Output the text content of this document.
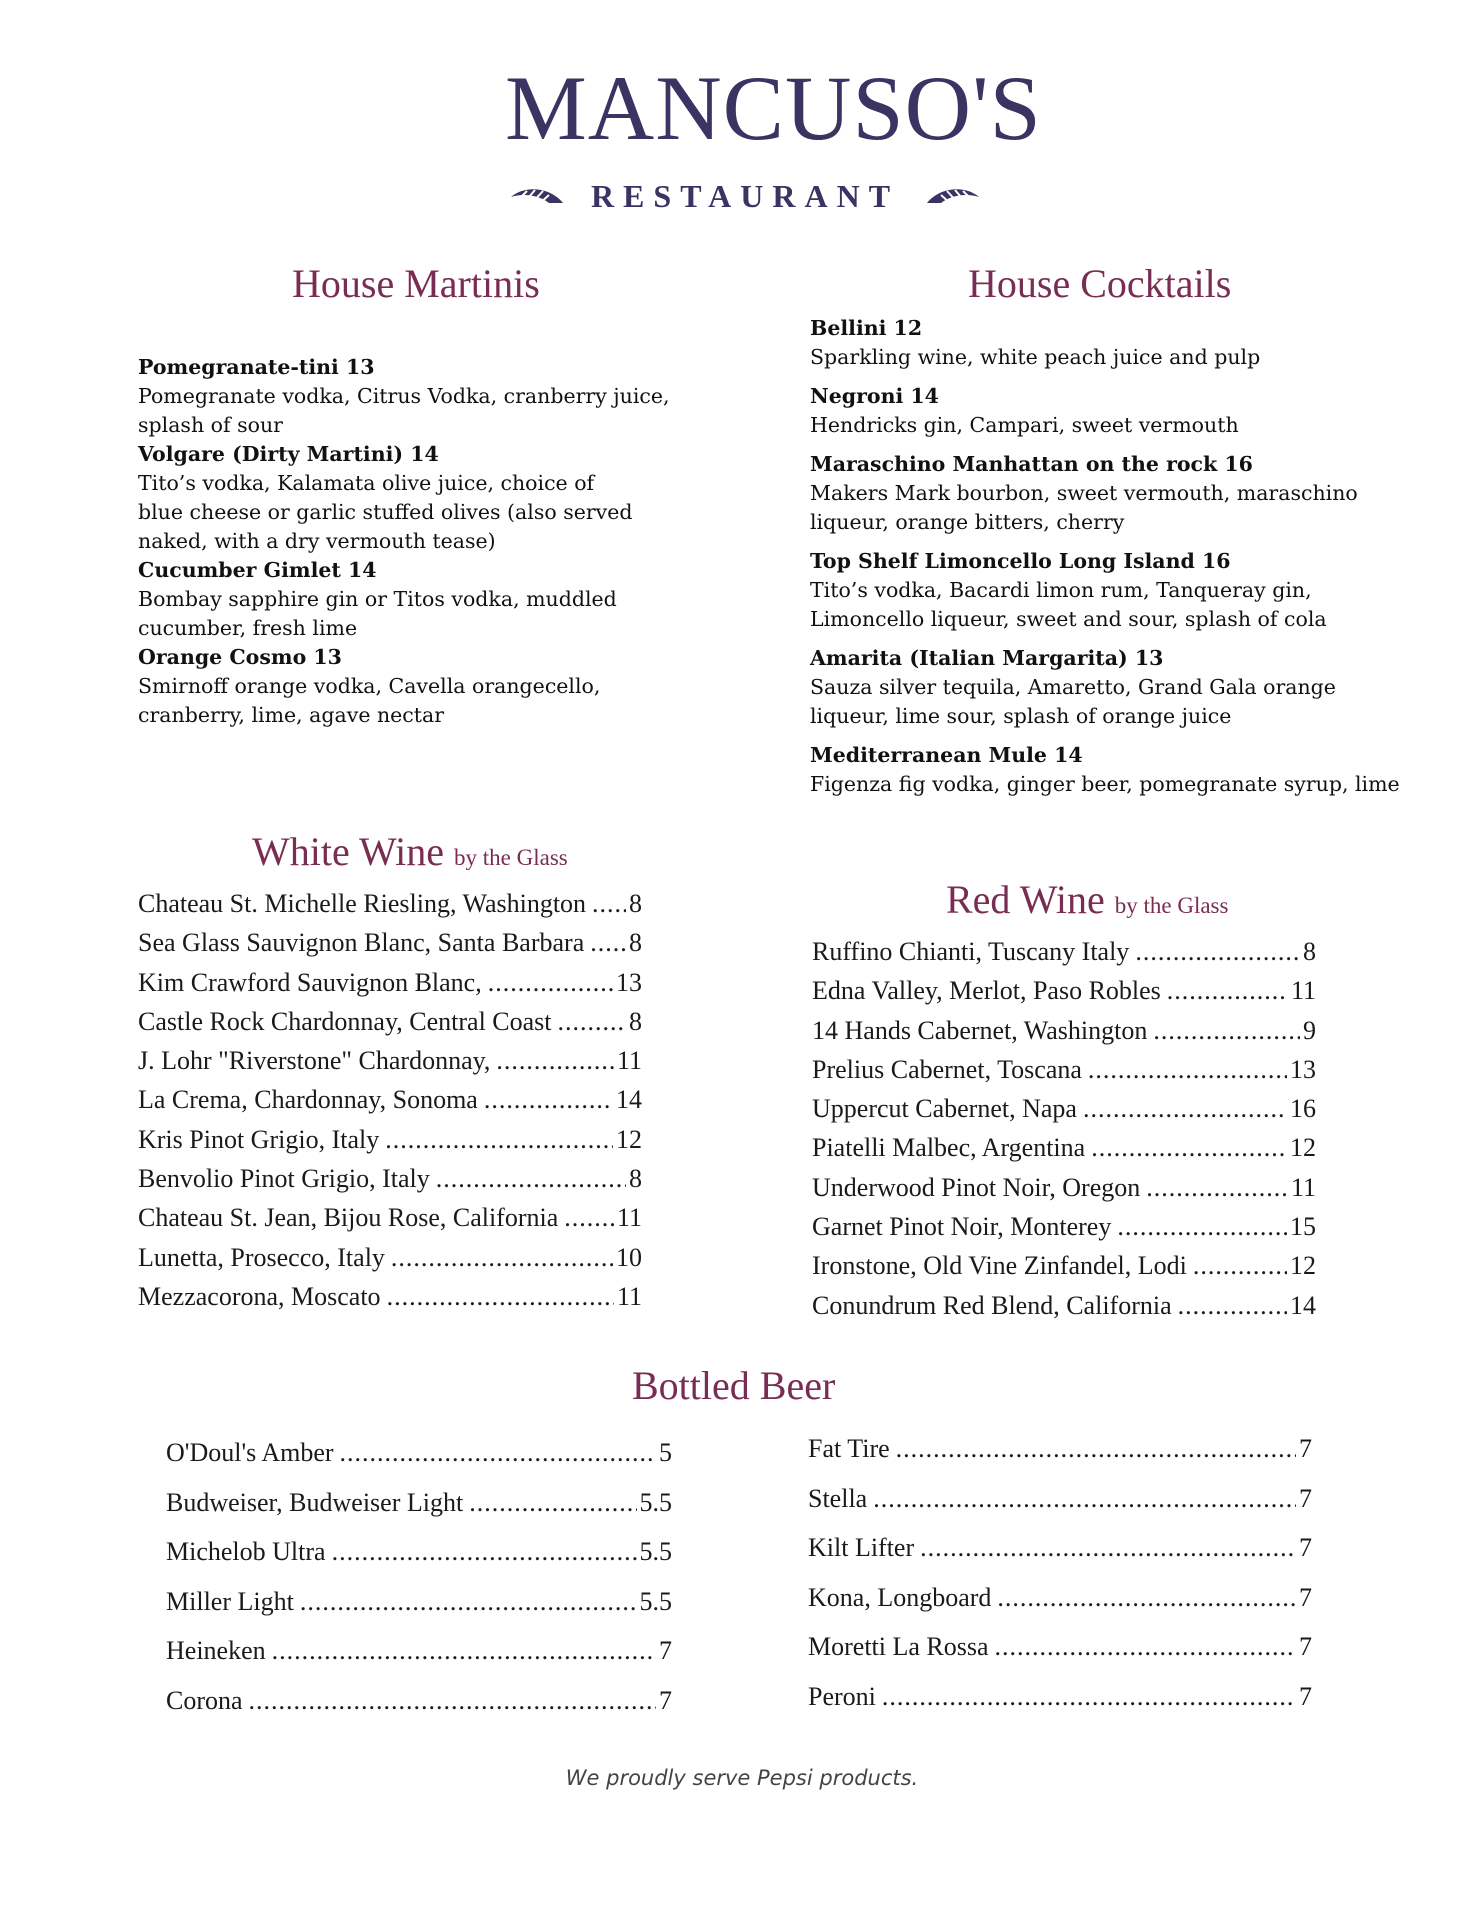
MANCUSO'S
RESTAURANT
House Martinis
Pomegranate-tini 13
Pomegranate vodka, Citrus Vodka, cranberry juice, splash of sour
Volgare (Dirty Martini) 14
Tito’s vodka, Kalamata olive juice, choice of blue cheese or garlic stuffed olives (also served naked, with a dry vermouth tease)
Cucumber Gimlet 14
Bombay sapphire gin or Titos vodka, muddled cucumber, fresh lime
Orange Cosmo 13
Smirnoff orange vodka, Cavella orangecello, cranberry, lime, agave nectar
House Cocktails
Bellini 12
Sparkling wine, white peach juice and pulp
Negroni 14
Hendricks gin, Campari, sweet vermouth
Maraschino Manhattan on the rock 16
Makers Mark bourbon, sweet vermouth, maraschino liqueur, orange bitters, cherry
Top Shelf Limoncello Long Island 16
Tito’s vodka, Bacardi limon rum, Tanqueray gin, Limoncello liqueur, sweet and sour, splash of cola
Amarita (Italian Margarita) 13
Sauza silver tequila, Amaretto, Grand Gala orange liqueur, lime sour, splash of orange juice
Mediterranean Mule 14
Figenza fig vodka, ginger beer, pomegranate syrup, lime
White Wine by the Glass
Chateau St. Michelle Riesling, Washington ..... 8
Sea Glass Sauvignon Blanc, Santa Barbara ..... 8
Kim Crawford Sauvignon Blanc, .....	13
Castle Rock Chardonnay, Central Coast .....	8
J. Lohr "Riverstone" Chardonnay, .....	11
La Crema, Chardonnay, Sonoma .....	14
Kris Pinot Grigio, Italy .....	12
Benvolio Pinot Grigio, Italy .....	8
Chateau St. Jean, Bijou Rose, California ..... 11
Lunetta, Prosecco, Italy .....	10
Mezzacorona, Moscato .....	11
Red Wine by the Glass
Ruffino Chianti, Tuscany Italy .....	8
Edna Valley, Merlot, Paso Robles .....	11
14 Hands Cabernet, Washington .....	9
Prelius Cabernet, Toscana .....	13
Uppercut Cabernet, Napa .....	16
Piatelli Malbec, Argentina .....	12
Underwood Pinot Noir, Oregon .....	11
Garnet Pinot Noir, Monterey .....	15
Ironstone, Old Vine Zinfandel, Lodi .....	12
Conundrum Red Blend, California .....	14
Bottled Beer
O'Doul's Amber .....	5
Budweiser, Budweiser Light .....	5.5
Michelob Ultra .....	5.5
Miller Light .....	5.5
Heineken .....	7
Corona .....	7
Fat Tire .....	7
Stella .....	7
Kilt Lifter .....	7
Kona, Longboard .....	7
Moretti La Rossa .....	7
Peroni .....	7
We proudly serve Pepsi products.
